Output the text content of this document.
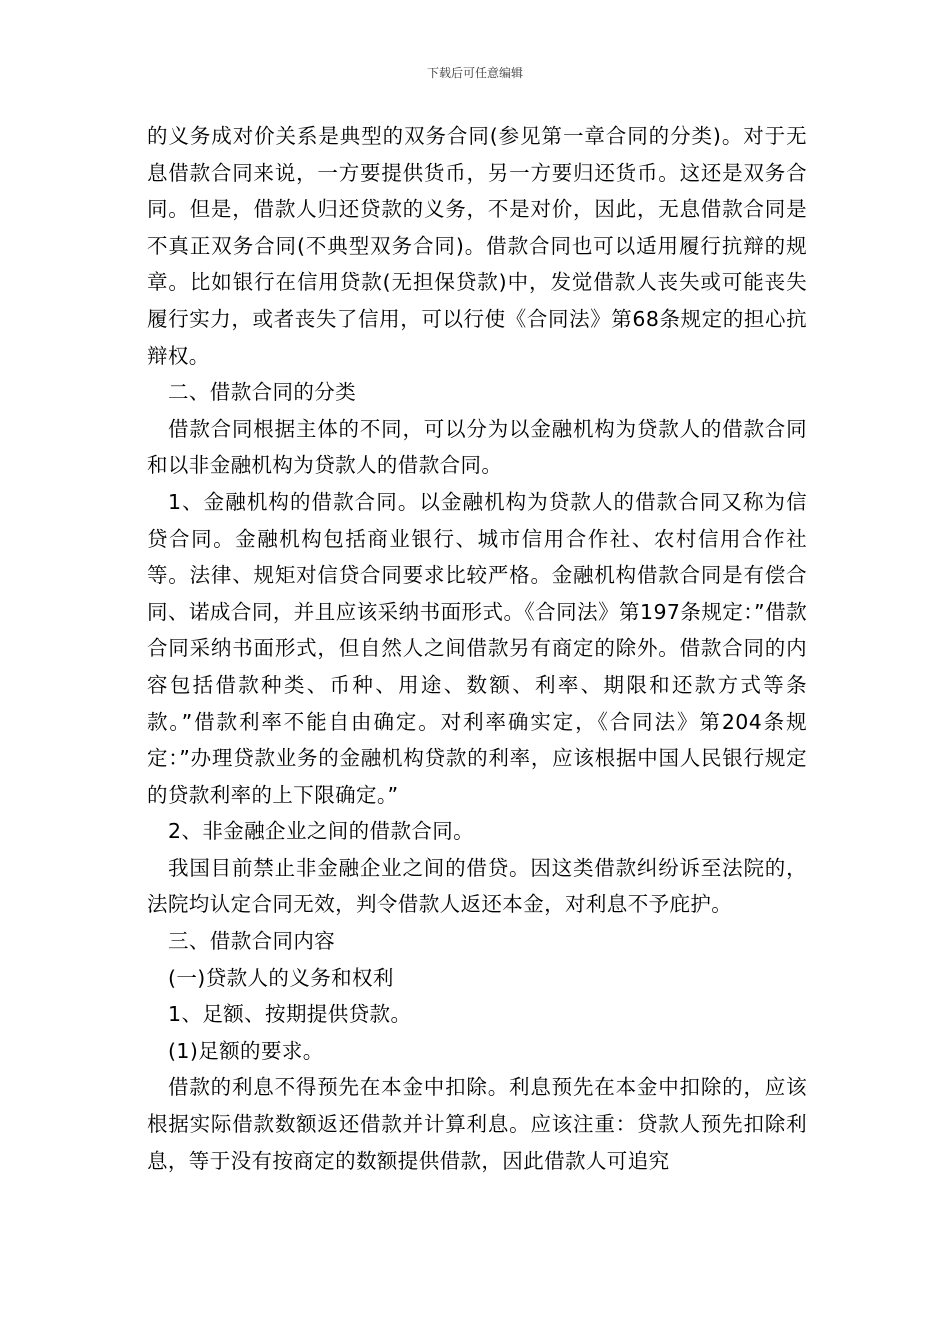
下载后可任意编辑

的义务成对价关系是典型的双务合同(参见第一章合同的分类)。对于无息借款合同来说，一方要提供货币，另一方要归还货币。这还是双务合同。但是，借款人归还贷款的义务，不是对价，因此，无息借款合同是不真正双务合同(不典型双务合同)。借款合同也可以适用履行抗辩的规章。比如银行在信用贷款(无担保贷款)中，发觉借款人丧失或可能丧失履行实力，或者丧失了信用，可以行使《合同法》第68条规定的担心抗辩权。

二、借款合同的分类

借款合同根据主体的不同，可以分为以金融机构为贷款人的借款合同和以非金融机构为贷款人的借款合同。

1、金融机构的借款合同。以金融机构为贷款人的借款合同又称为信贷合同。金融机构包括商业银行、城市信用合作社、农村信用合作社等。法律、规矩对信贷合同要求比较严格。金融机构借款合同是有偿合同、诺成合同，并且应该采纳书面形式。《合同法》第197条规定：”借款合同采纳书面形式，但自然人之间借款另有商定的除外。借款合同的内容包括借款种类、币种、用途、数额、利率、期限和还款方式等条款。”借款利率不能自由确定。对利率确实定，《合同法》第204条规定：”办理贷款业务的金融机构贷款的利率，应该根据中国人民银行规定的贷款利率的上下限确定。”

2、非金融企业之间的借款合同。

我国目前禁止非金融企业之间的借贷。因这类借款纠纷诉至法院的，法院均认定合同无效，判令借款人返还本金，对利息不予庇护。

三、借款合同内容

(一)贷款人的义务和权利

1、足额、按期提供贷款。

(1)足额的要求。

借款的利息不得预先在本金中扣除。利息预先在本金中扣除的，应该根据实际借款数额返还借款并计算利息。应该注重：贷款人预先扣除利息，等于没有按商定的数额提供借款，因此借款人可追究
